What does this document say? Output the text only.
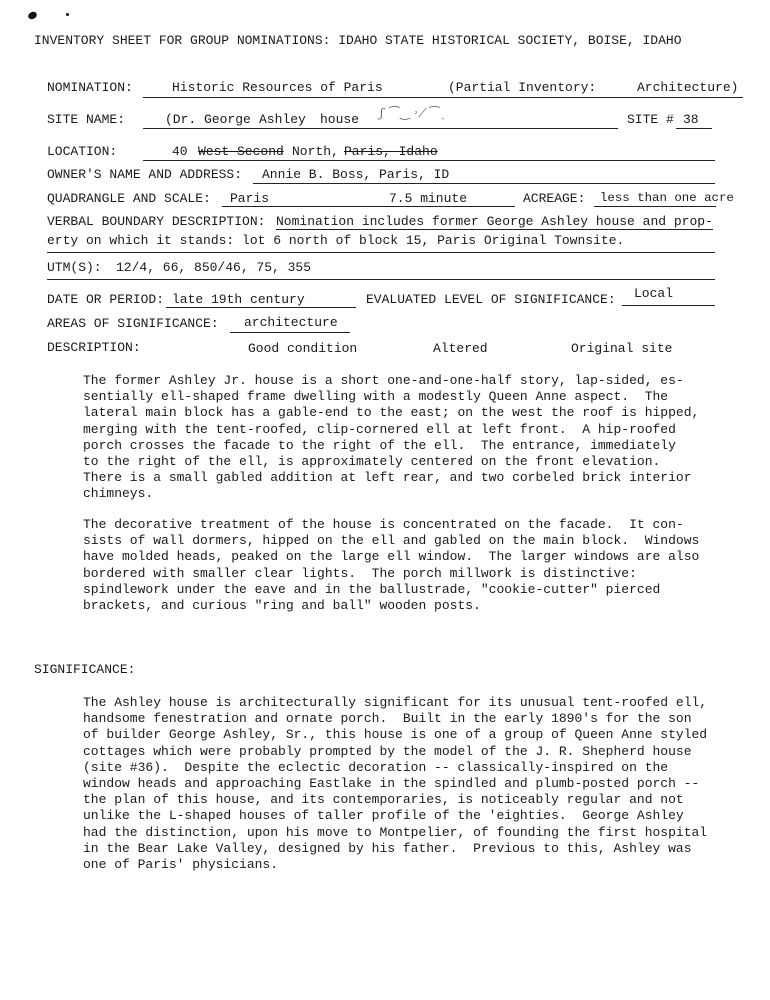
INVENTORY SHEET FOR GROUP NOMINATIONS: IDAHO STATE HISTORICAL SOCIETY, BOISE, IDAHO
NOMINATION:	Historic Resources of Paris	(Partial Inventory:	Architecture)
SITE NAME:	(Dr. George Ashley house ʃ ⁀ ‿ ˒ ⁄ ⁀ ˎ	SITE # 38
LOCATION:	40 West Second North, Paris, Idaho
OWNER'S NAME AND ADDRESS: Annie B. Boss, Paris, ID
QUADRANGLE AND SCALE: Paris	7.5 minute	ACREAGE: less than one acre
VERBAL BOUNDARY DESCRIPTION: Nomination includes former George Ashley house and prop-
erty on which it stands: lot 6 north of block 15, Paris Original Townsite.
UTM(S): 12/4, 66, 850/46, 75, 355
DATE OR PERIOD: late 19th century	EVALUATED LEVEL OF SIGNIFICANCE: Local
AREAS OF SIGNIFICANCE: architecture
DESCRIPTION:	Good condition	Altered	Original site
The former Ashley Jr. house is a short one-and-one-half story, lap-sided, es-
sentially ell-shaped frame dwelling with a modestly Queen Anne aspect.  The
lateral main block has a gable-end to the east; on the west the roof is hipped,
merging with the tent-roofed, clip-cornered ell at left front.  A hip-roofed
porch crosses the facade to the right of the ell.  The entrance, immediately
to the right of the ell, is approximately centered on the front elevation.
There is a small gabled addition at left rear, and two corbeled brick interior
chimneys.
The decorative treatment of the house is concentrated on the facade.  It con-
sists of wall dormers, hipped on the ell and gabled on the main block.  Windows
have molded heads, peaked on the large ell window.  The larger windows are also
bordered with smaller clear lights.  The porch millwork is distinctive:
spindlework under the eave and in the ballustrade, "cookie-cutter" pierced
brackets, and curious "ring and ball" wooden posts.
SIGNIFICANCE:
The Ashley house is architecturally significant for its unusual tent-roofed ell,
handsome fenestration and ornate porch.  Built in the early 1890's for the son
of builder George Ashley, Sr., this house is one of a group of Queen Anne styled
cottages which were probably prompted by the model of the J. R. Shepherd house
(site #36).  Despite the eclectic decoration -- classically-inspired on the
window heads and approaching Eastlake in the spindled and plumb-posted porch --
the plan of this house, and its contemporaries, is noticeably regular and not
unlike the L-shaped houses of taller profile of the 'eighties.  George Ashley
had the distinction, upon his move to Montpelier, of founding the first hospital
in the Bear Lake Valley, designed by his father.  Previous to this, Ashley was
one of Paris' physicians.
